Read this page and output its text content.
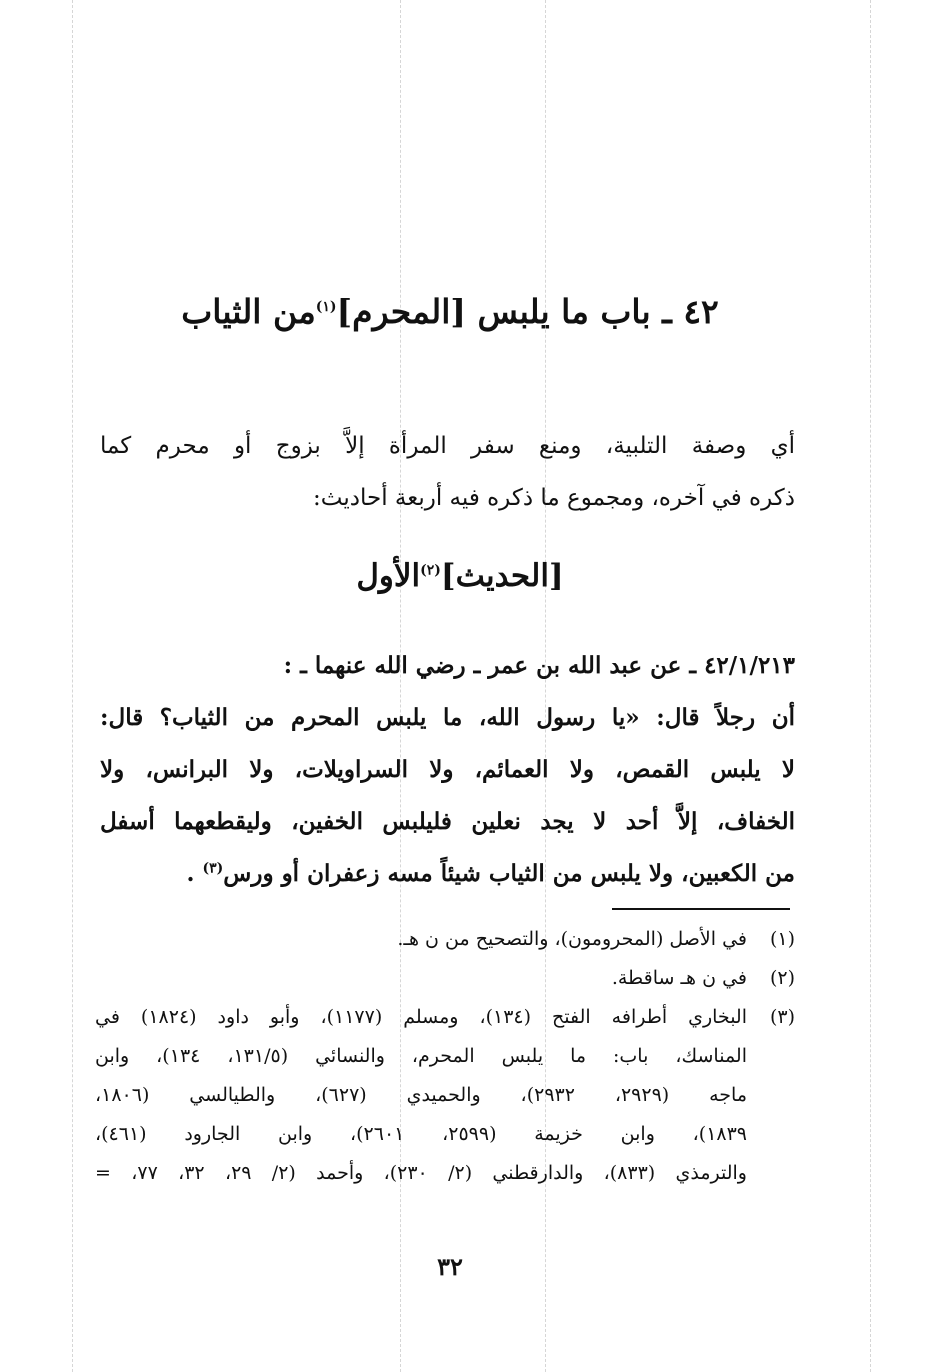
٤٢ ـ باب ما يلبس [المحرم]$^{(١)}$من الثياب

أي وصفة التلبية، ومنع سفر المرأة إلاَّ بزوج أو محرم كما

ذكره في آخره، ومجموع ما ذكره فيه أربعة أحاديث:

[الحديث]$^{(٢)}$الأول

٤٢/١/٢١٣ ـ عن عبد الله بن عمر ـ رضي الله عنهما ـ :

أن رجلاً قال: «يا رسول الله، ما يلبس المحرم من الثياب؟ قال:

لا يلبس القمص، ولا العمائم، ولا السراويلات، ولا البرانس، ولا

الخفاف، إلاَّ أحد لا يجد نعلين فليلبس الخفين، وليقطعهما أسفل

من الكعبين، ولا يلبس من الثياب شيئاً مسه زعفران أو ورس$^{(٣)}$ .

(١)
في الأصل (المحرومون)، والتصحيح من ن هـ.
(٢)
في ن هـ ساقطة.
(٣)
البخاري أطرافه الفتح (١٣٤)، ومسلم (١١٧٧)، وأبو داود (١٨٢٤) في
المناسك، باب: ما يلبس المحرم، والنسائي (١٣١/٥، ١٣٤)، وابن
ماجه (٢٩٢٩، ٢٩٣٢)، والحميدي (٦٢٧)، والطيالسي (١٨٠٦،
١٨٣٩)، وابن خزيمة (٢٥٩٩، ٢٦٠١)، وابن الجارود (٤٦١)،
والترمذي (٨٣٣)، والدارقطني (٢/ ٢٣٠)، وأحمد (٢/ ٢٩، ٣٢، ٧٧، =
٣٢
